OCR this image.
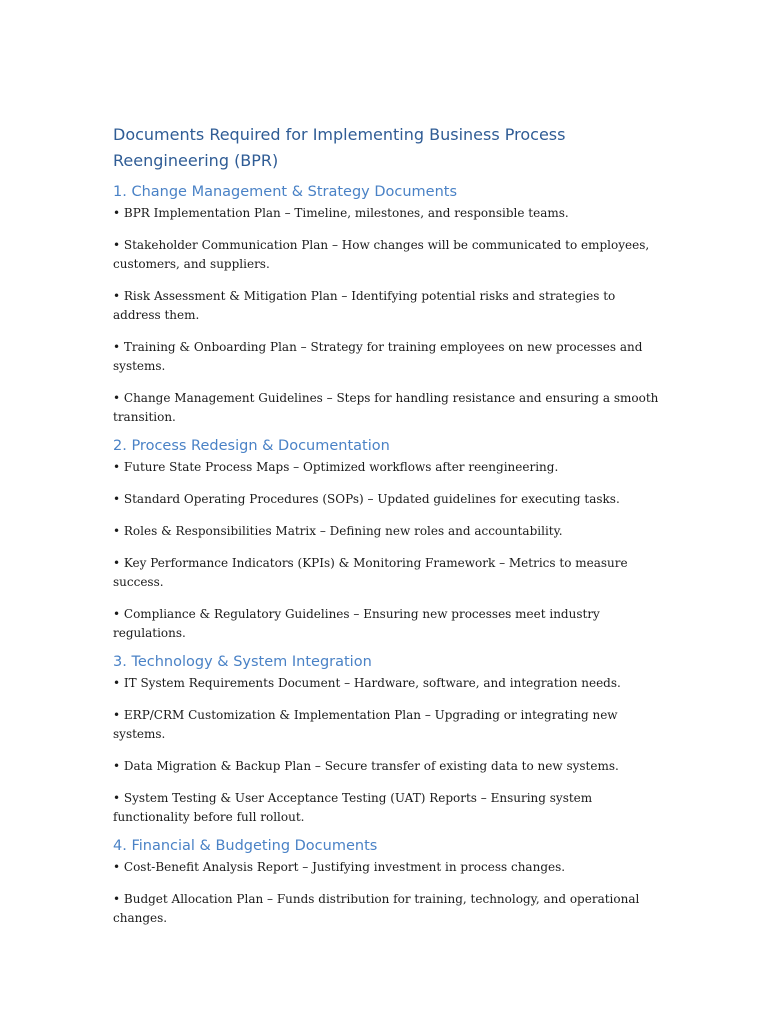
Documents Required for Implementing Business Process Reengineering (BPR)
1. Change Management & Strategy Documents

• BPR Implementation Plan – Timeline, milestones, and responsible teams.

• Stakeholder Communication Plan – How changes will be communicated to employees, customers, and suppliers.

• Risk Assessment & Mitigation Plan – Identifying potential risks and strategies to address them.

• Training & Onboarding Plan – Strategy for training employees on new processes and systems.

• Change Management Guidelines – Steps for handling resistance and ensuring a smooth transition.

2. Process Redesign & Documentation

• Future State Process Maps – Optimized workflows after reengineering.

• Standard Operating Procedures (SOPs) – Updated guidelines for executing tasks.

• Roles & Responsibilities Matrix – Defining new roles and accountability.

• Key Performance Indicators (KPIs) & Monitoring Framework – Metrics to measure success.

• Compliance & Regulatory Guidelines – Ensuring new processes meet industry regulations.

3. Technology & System Integration

• IT System Requirements Document – Hardware, software, and integration needs.

• ERP/CRM Customization & Implementation Plan – Upgrading or integrating new systems.

• Data Migration & Backup Plan – Secure transfer of existing data to new systems.

• System Testing & User Acceptance Testing (UAT) Reports – Ensuring system functionality before full rollout.

4. Financial & Budgeting Documents

• Cost-Benefit Analysis Report – Justifying investment in process changes.

• Budget Allocation Plan – Funds distribution for training, technology, and operational changes.
